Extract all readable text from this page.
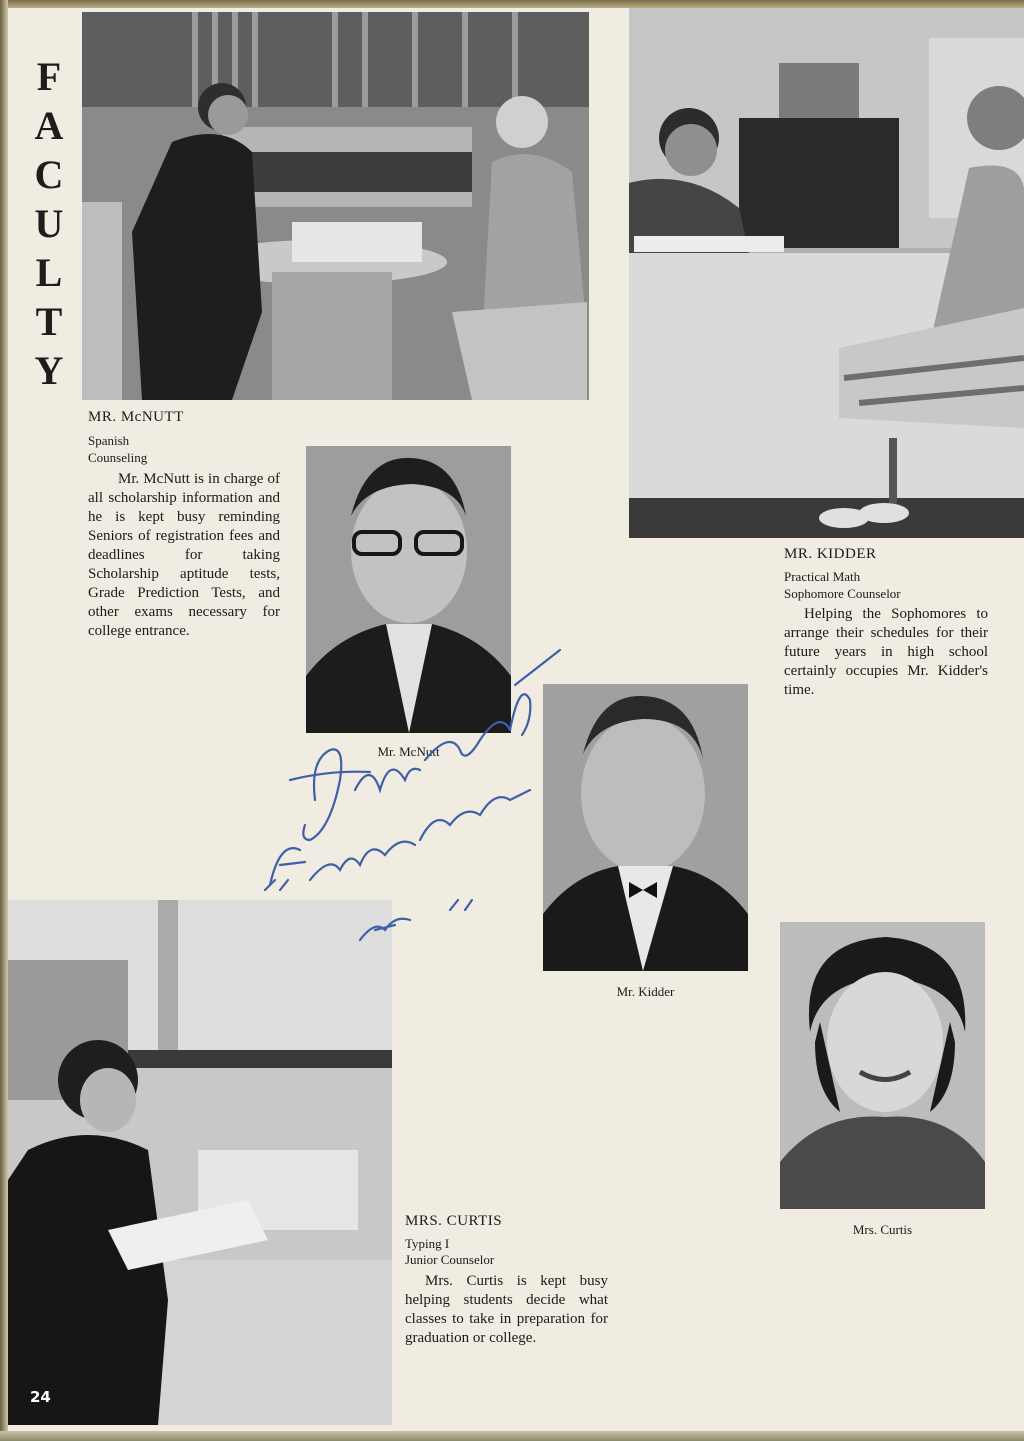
F
A
C
U
L
T
Y
MR. McNUTT
Spanish
Counseling
Mr. McNutt is in charge of all scholarship information and he is kept busy reminding Seniors of registration fees and deadlines for taking Scholarship aptitude tests, Grade Prediction Tests, and other exams necessary for college entrance.
Mr. McNutt
MR. KIDDER
Practical Math
Sophomore Counselor
Helping the Sophomores to arrange their schedules for their future years in high school certainly occupies Mr. Kidder's time.
Mr. Kidder
MRS. CURTIS
Typing I
Junior Counselor
Mrs. Curtis is kept busy helping students decide what classes to take in preparation for graduation or college.
Mrs. Curtis
24
